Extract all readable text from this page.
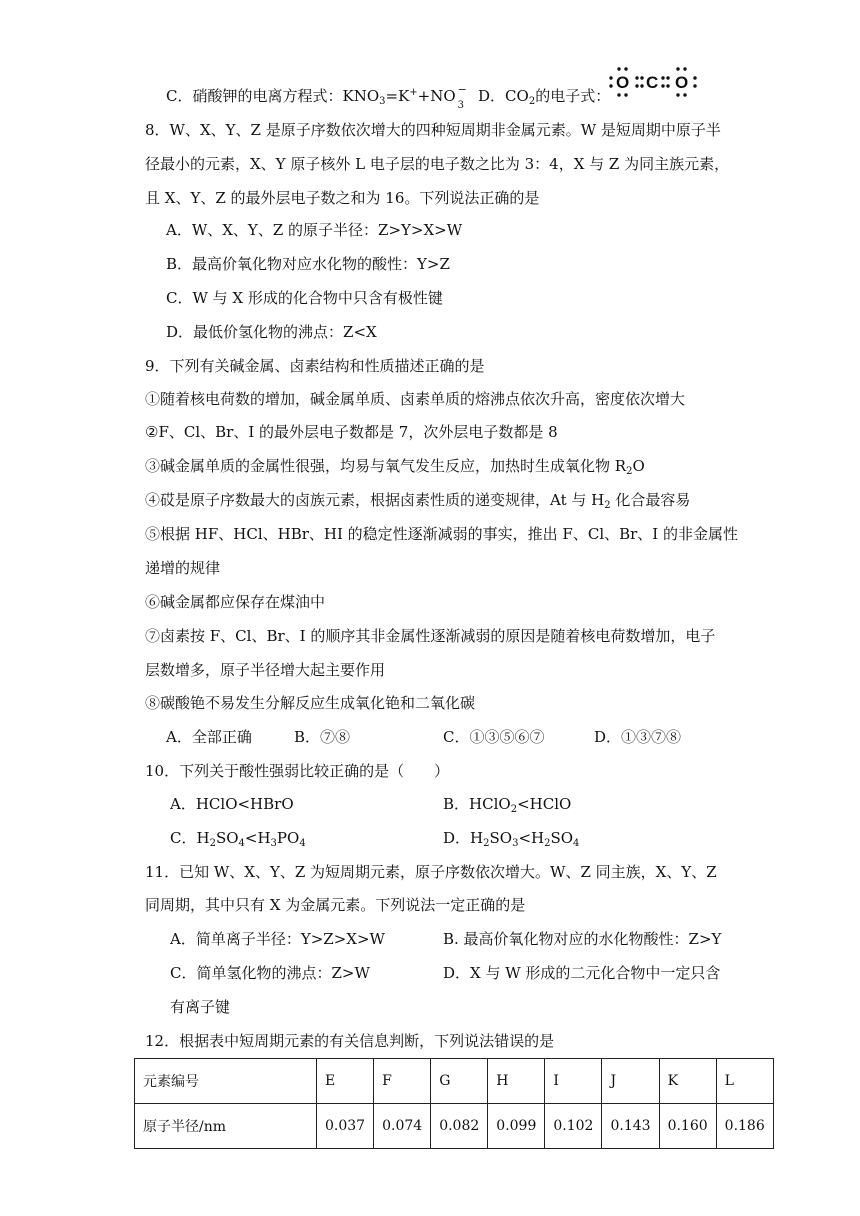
C．硝酸钾的电离方程式：$KNO_3=K^++NO$ −
3
D．$CO_2$的电子式：
O C O
8．W、X、Y、Z 是原子序数依次增大的四种短周期非金属元素。W 是短周期中原子半
径最小的元素，X、Y 原子核外 L 电子层的电子数之比为 3：4，X 与 Z 为同主族元素，
且 X、Y、Z 的最外层电子数之和为 16。下列说法正确的是
A．W、X、Y、Z 的原子半径：Z>Y>X>W
B．最高价氧化物对应水化物的酸性：Y>Z
C．W 与 X 形成的化合物中只含有极性键
D．最低价氢化物的沸点：Z<X
9．下列有关碱金属、卤素结构和性质描述正确的是
①随着核电荷数的增加，碱金属单质、卤素单质的熔沸点依次升高，密度依次增大
②F、Cl、Br、I 的最外层电子数都是 7，次外层电子数都是 8
③碱金属单质的金属性很强，均易与氧气发生反应，加热时生成氧化物 $R_2O$
④砹是原子序数最大的卤族元素，根据卤素性质的递变规律，At 与 $H_2$ 化合最容易
⑤根据 HF、HCl、HBr、HI 的稳定性逐渐减弱的事实，推出 F、Cl、Br、I 的非金属性
递增的规律
⑥碱金属都应保存在煤油中
⑦卤素按 F、Cl、Br、I 的顺序其非金属性逐渐减弱的原因是随着核电荷数增加，电子
层数增多，原子半径增大起主要作用
⑧碳酸铯不易发生分解反应生成氧化铯和二氧化碳
A．全部正确	B．⑦⑧	C．①③⑤⑥⑦	D．①③⑦⑧
10．下列关于酸性强弱比较正确的是（　　）
A．HClO<HBrO	B．HClO$_2$<HClO
C．$H_2SO_4<H_3PO_4$	D．$H_2SO_3<H_2SO_4$
11．已知 W、X、Y、Z 为短周期元素，原子序数依次增大。W、Z 同主族，X、Y、Z
同周期，其中只有 X 为金属元素。下列说法一定正确的是
A．简单离子半径：Y>Z>X>W	B. 最高价氧化物对应的水化物酸性：Z>Y
C．简单氢化物的沸点：Z>W	D．X 与 W 形成的二元化合物中一定只含
有离子键
12．根据表中短周期元素的有关信息判断，下列说法错误的是
元素编号	E	F	G	H	I	J	K	L
原子半径/nm	0.037	0.074	0.082	0.099	0.102	0.143	0.160	0.186
